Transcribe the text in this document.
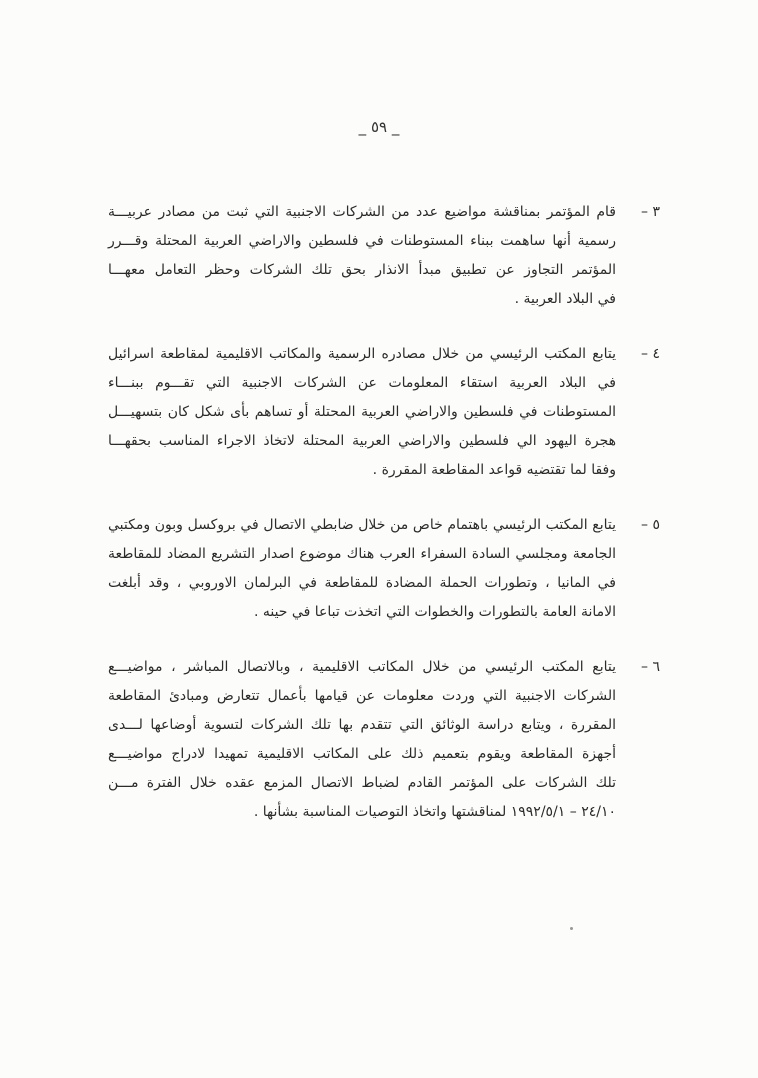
_ ٥٩ _
٣ –
قام المؤتمر بمناقشة مواضيع عدد من الشركات الاجنبية التي ثبت من مصادر عربيـــة
رسمية أنها ساهمت ببناء المستوطنات في فلسطين والاراضي العربية المحتلة وقـــرر
المؤتمر التجاوز عن تطبيق مبدأ الانذار بحق تلك الشركات وحظر التعامل معهـــا
في البلاد العربية .
٤ –
يتابع المكتب الرئيسي من خلال مصادره الرسمية والمكاتب الاقليمية لمقاطعة اسرائيل
في البلاد العربية استقاء المعلومات عن الشركات الاجنبية التي تقـــوم ببنـــاء
المستوطنات في فلسطين والاراضي العربية المحتلة أو تساهم بأى شكل كان بتسهيـــل
هجرة اليهود الي فلسطين والاراضي العربية المحتلة لاتخاذ الاجراء المناسب بحقهـــا
وفقا لما تقتضيه قواعد المقاطعة المقررة .
٥ –
يتابع المكتب الرئيسي باهتمام خاص من خلال ضابطي الاتصال في بروكسل وبون ومكتبي
الجامعة ومجلسي السادة السفراء العرب هناك موضوع اصدار التشريع المضاد للمقاطعة
في المانيا ، وتطورات الحملة المضادة للمقاطعة في البرلمان الاوروبي ، وقد أبلغت
الامانة العامة بالتطورات والخطوات التي اتخذت تباعا في حينه .
٦ –
يتابع المكتب الرئيسي من خلال المكاتب الاقليمية ، وبالاتصال المباشر ، مواضيـــع
الشركات الاجنبية التي وردت معلومات عن قيامها بأعمال تتعارض ومبادئ المقاطعة
المقررة ، ويتابع دراسة الوثائق التي تتقدم بها تلك الشركات لتسوية أوضاعها لـــدى
أجهزة المقاطعة ويقوم بتعميم ذلك على المكاتب الاقليمية تمهيدا لادراج مواضيـــع
تلك الشركات على المؤتمر القادم لضباط الاتصال المزمع عقده خلال الفترة مـــن
٢٤/١٠ – ١٩٩٢/٥/١ لمناقشتها واتخاذ التوصيات المناسبة بشأنها .
